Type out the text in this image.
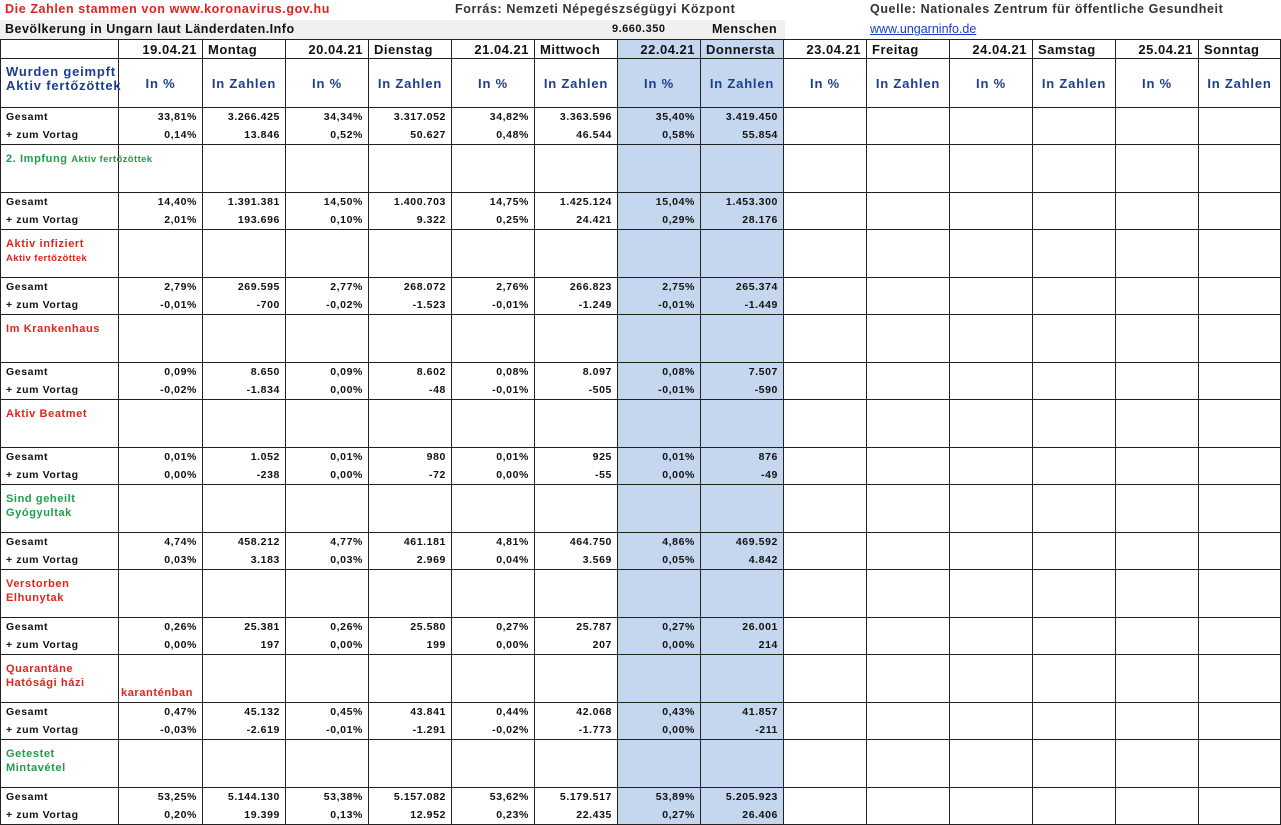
Die Zahlen stammen von www.koronavirus.gov.hu	Forrás: Nemzeti Népegészségügyi Központ	Quelle: Nationales Zentrum für öffentliche Gesundheit
Bevölkerung in Ungarn laut Länderdaten.Info	9.660.350	Menschen	www.ungarninfo.de
	19.04.21	Montag	20.04.21	Dienstag	21.04.21	Mittwoch	22.04.21	Donnersta	23.04.21	Freitag	24.04.21	Samstag	25.04.21	Sonntag
Wurden geimpft
Aktiv fertőzöttek	In %	In Zahlen	In %	In Zahlen	In %	In Zahlen	In %	In Zahlen	In %	In Zahlen	In %	In Zahlen	In %	In Zahlen
Gesamt	33,81%	3.266.425	34,34%	3.317.052	34,82%	3.363.596	35,40%	3.419.450						
+ zum Vortag	0,14%	13.846	0,52%	50.627	0,48%	46.544	0,58%	55.854						
2. Impfung Aktiv fertőzöttek														
Gesamt	14,40%	1.391.381	14,50%	1.400.703	14,75%	1.425.124	15,04%	1.453.300						
+ zum Vortag	2,01%	193.696	0,10%	9.322	0,25%	24.421	0,29%	28.176						
Aktiv infiziert
Aktiv fertőzöttek														
Gesamt	2,79%	269.595	2,77%	268.072	2,76%	266.823	2,75%	265.374						
+ zum Vortag	-0,01%	-700	-0,02%	-1.523	-0,01%	-1.249	-0,01%	-1.449						
Im Krankenhaus														
Gesamt	0,09%	8.650	0,09%	8.602	0,08%	8.097	0,08%	7.507						
+ zum Vortag	-0,02%	-1.834	0,00%	-48	-0,01%	-505	-0,01%	-590						
Aktiv Beatmet														
Gesamt	0,01%	1.052	0,01%	980	0,01%	925	0,01%	876						
+ zum Vortag	0,00%	-238	0,00%	-72	0,00%	-55	0,00%	-49						
Sind geheilt
Gyógyultak														
Gesamt	4,74%	458.212	4,77%	461.181	4,81%	464.750	4,86%	469.592						
+ zum Vortag	0,03%	3.183	0,03%	2.969	0,04%	3.569	0,05%	4.842						
Verstorben
Elhunytak														
Gesamt	0,26%	25.381	0,26%	25.580	0,27%	25.787	0,27%	26.001						
+ zum Vortag	0,00%	197	0,00%	199	0,00%	207	0,00%	214						
Quarantäne
Hatósági házi	karanténban													
Gesamt	0,47%	45.132	0,45%	43.841	0,44%	42.068	0,43%	41.857						
+ zum Vortag	-0,03%	-2.619	-0,01%	-1.291	-0,02%	-1.773	0,00%	-211						
Getestet
Mintavétel														
Gesamt	53,25%	5.144.130	53,38%	5.157.082	53,62%	5.179.517	53,89%	5.205.923						
+ zum Vortag	0,20%	19.399	0,13%	12.952	0,23%	22.435	0,27%	26.406						
